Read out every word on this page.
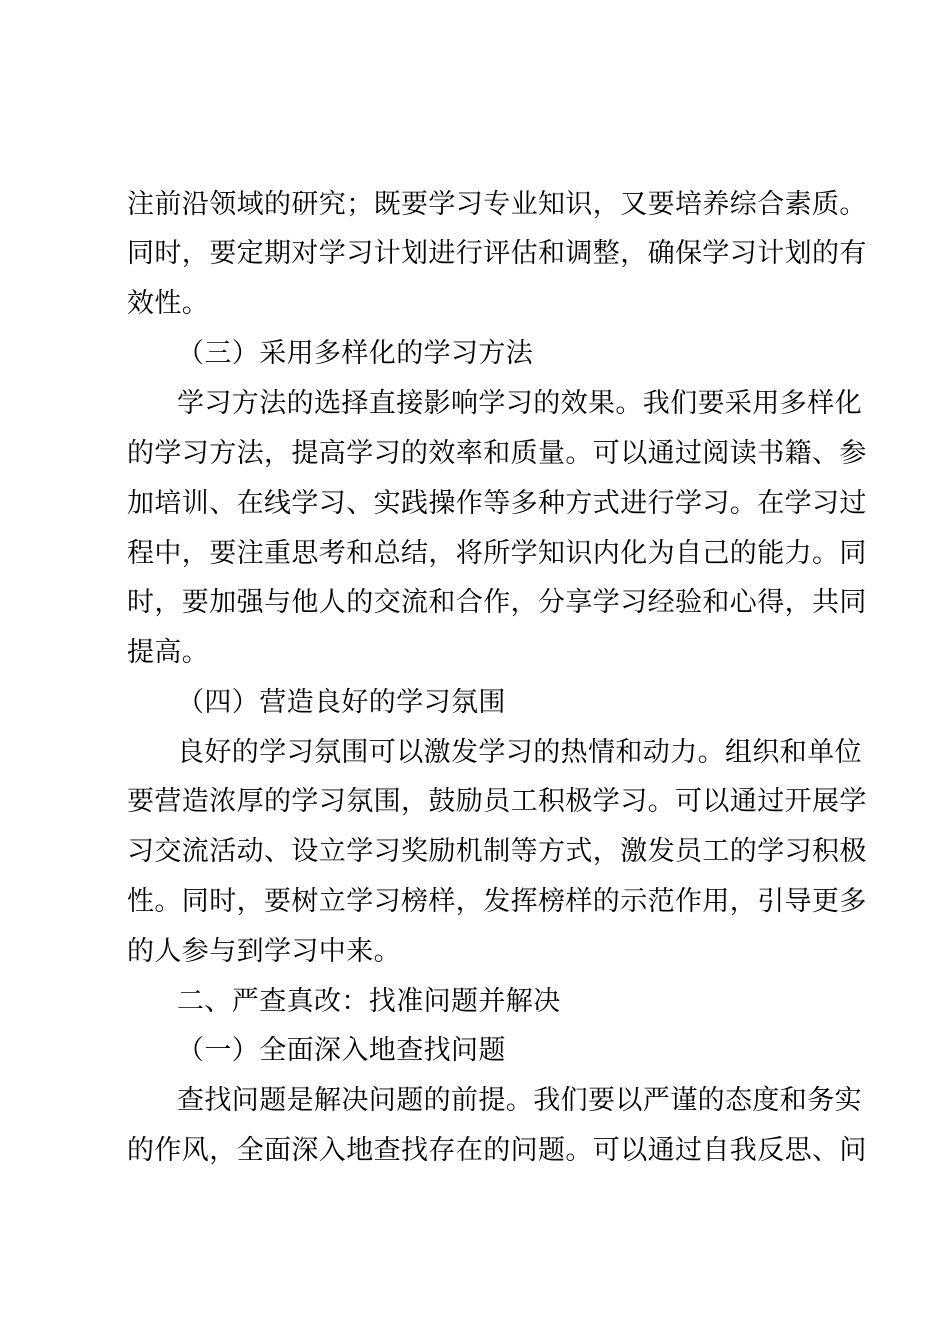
注前沿领域的研究；既要学习专业知识，又要培养综合素质。
同时，要定期对学习计划进行评估和调整，确保学习计划的有
效性。
（三）采用多样化的学习方法
学习方法的选择直接影响学习的效果。我们要采用多样化
的学习方法，提高学习的效率和质量。可以通过阅读书籍、参
加培训、在线学习、实践操作等多种方式进行学习。在学习过
程中，要注重思考和总结，将所学知识内化为自己的能力。同
时，要加强与他人的交流和合作，分享学习经验和心得，共同
提高。
（四）营造良好的学习氛围
良好的学习氛围可以激发学习的热情和动力。组织和单位
要营造浓厚的学习氛围，鼓励员工积极学习。可以通过开展学
习交流活动、设立学习奖励机制等方式，激发员工的学习积极
性。同时，要树立学习榜样，发挥榜样的示范作用，引导更多
的人参与到学习中来。
二、严查真改：找准问题并解决
（一）全面深入地查找问题
查找问题是解决问题的前提。我们要以严谨的态度和务实
的作风，全面深入地查找存在的问题。可以通过自我反思、问
